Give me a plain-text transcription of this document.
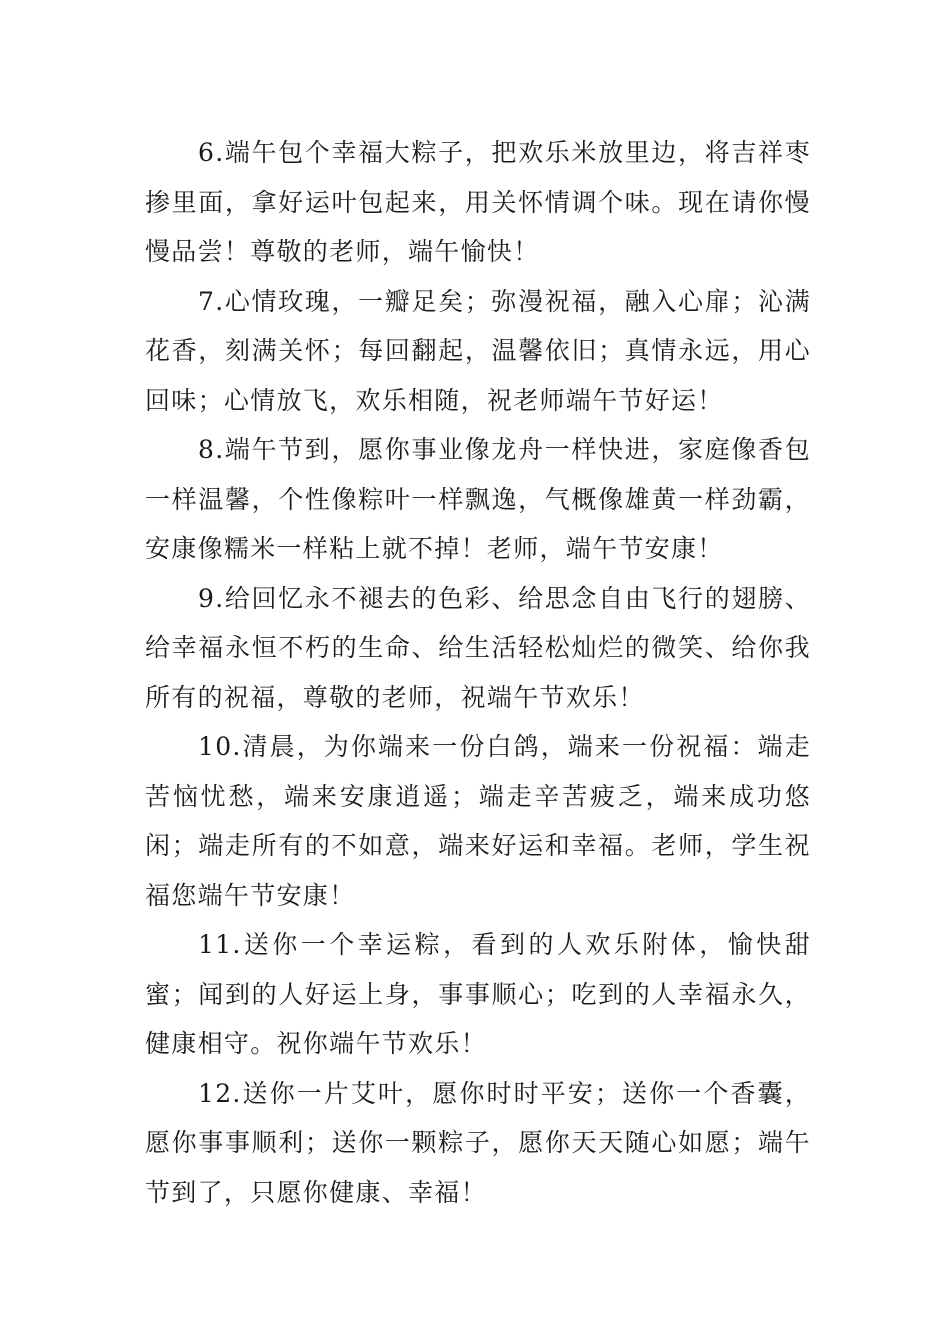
6.端午包个幸福大粽子，把欢乐米放里边，将吉祥枣掺里面，拿好运叶包起来，用关怀情调个味。现在请你慢慢品尝！尊敬的老师，端午愉快！

7.心情玫瑰，一瓣足矣；弥漫祝福，融入心扉；沁满花香，刻满关怀；每回翻起，温馨依旧；真情永远，用心回味；心情放飞，欢乐相随，祝老师端午节好运！

8.端午节到，愿你事业像龙舟一样快进，家庭像香包一样温馨，个性像粽叶一样飘逸，气概像雄黄一样劲霸，安康像糯米一样粘上就不掉！老师，端午节安康！

9.给回忆永不褪去的色彩、给思念自由飞行的翅膀、给幸福永恒不朽的生命、给生活轻松灿烂的微笑、给你我所有的祝福，尊敬的老师，祝端午节欢乐！

10.清晨，为你端来一份白鸽，端来一份祝福：端走苦恼忧愁，端来安康逍遥；端走辛苦疲乏，端来成功悠闲；端走所有的不如意，端来好运和幸福。老师，学生祝福您端午节安康！

11.送你一个幸运粽，看到的人欢乐附体，愉快甜蜜；闻到的人好运上身，事事顺心；吃到的人幸福永久，健康相守。祝你端午节欢乐！

12.送你一片艾叶，愿你时时平安；送你一个香囊，愿你事事顺利；送你一颗粽子，愿你天天随心如愿；端午节到了，只愿你健康、幸福！
